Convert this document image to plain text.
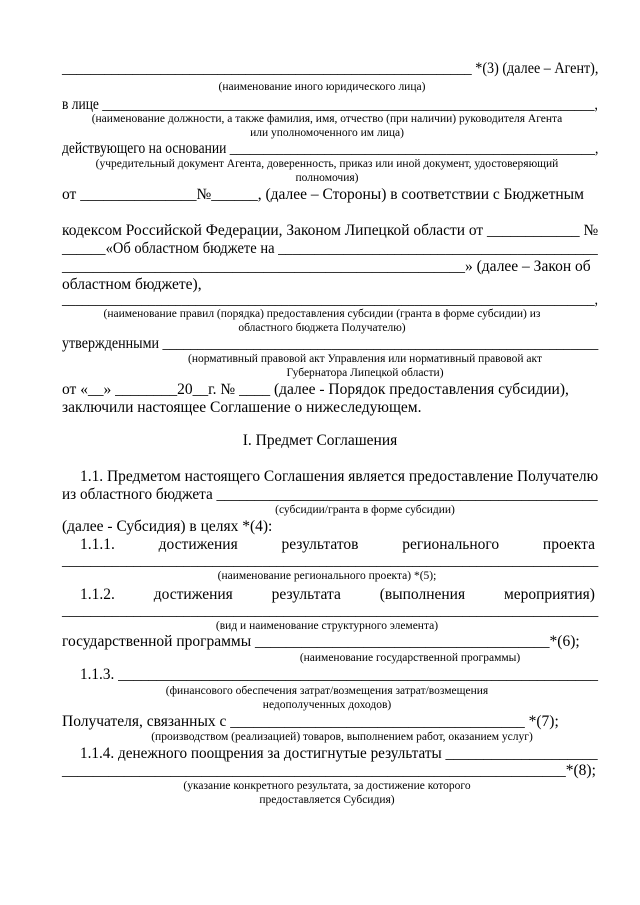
__________________________________________________________ *(3) (далее – Агент),
(наименование иного юридического лица)
в лице _________________________________________________________________________,
(наименование должности, а также фамилия, имя, отчество (при наличии) руководителя Агента
или уполномоченного им лица)
действующего на основании ______________________________________________________,
(учредительный документ Агента, доверенность, приказ или иной документ, удостоверяющий
полномочия)
от _______________№______, (далее – Стороны) в соответствии с Бюджетным
кодексом Российской Федерации, Законом Липецкой области от ____________ №
______«Об областном бюджете на ____________________________________________
____________________________________________________» (далее – Закон об
областном бюджете),
________________________________________________________________________________,
(наименование правил (порядка) предоставления субсидии (гранта в форме субсидии) из
областного бюджета Получателю)
утвержденными ______________________________________________________________
(нормативный правовой акт Управления или нормативный правовой акт
Губернатора Липецкой области)
от «__» ________20__г. № ____ (далее - Порядок предоставления субсидии),
заключили настоящее Соглашение о нижеследующем.
I. Предмет Соглашения
1.1. Предметом настоящего Соглашения является предоставление Получателю
из областного бюджета __________________________________________________
(субсидии/гранта в форме субсидии)
(далее - Субсидия) в целях *(4):
1.1.1.	достижения	результатов	регионального	проекта
___________________________________________________________________________
(наименование регионального проекта) *(5);
1.1.2.	достижения	результата	(выполнения	мероприятия)
___________________________________________________________________________
(вид и наименование структурного элемента)
государственной программы ______________________________________*(6);
(наименование государственной программы)
1.1.3. _______________________________________________________________
(финансового обеспечения затрат/возмещения затрат/возмещения
недополученных доходов)
Получателя, связанных с ______________________________________ *(7);
(производством (реализацией) товаров, выполнением работ, оказанием услуг)
1.1.4. денежного поощрения за достигнутые результаты ____________________
_________________________________________________________________*(8);
(указание конкретного результата, за достижение которого
предоставляется Субсидия)
